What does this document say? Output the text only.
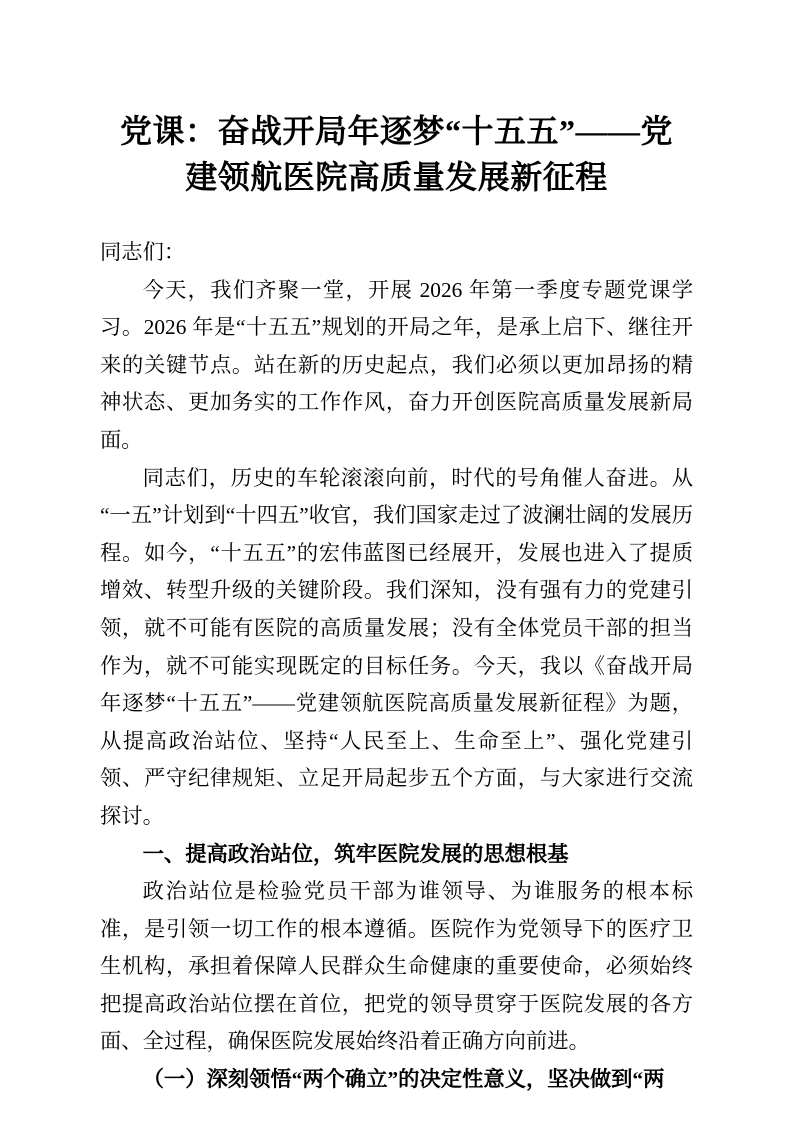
党课：奋战开局年逐梦“十五五”——党
建领航医院高质量发展新征程

同志们：

今天，我们齐聚一堂，开展 2026 年第一季度专题党课学习。2026 年是“十五五”规划的开局之年，是承上启下、继往开来的关键节点。站在新的历史起点，我们必须以更加昂扬的精神状态、更加务实的工作作风，奋力开创医院高质量发展新局面。

同志们，历史的车轮滚滚向前，时代的号角催人奋进。从“一五”计划到“十四五”收官，我们国家走过了波澜壮阔的发展历程。如今，“十五五”的宏伟蓝图已经展开，发展也进入了提质增效、转型升级的关键阶段。我们深知，没有强有力的党建引领，就不可能有医院的高质量发展；没有全体党员干部的担当作为，就不可能实现既定的目标任务。今天，我以《奋战开局年逐梦“十五五”——党建领航医院高质量发展新征程》为题，从提高政治站位、坚持“人民至上、生命至上”、强化党建引领、严守纪律规矩、立足开局起步五个方面，与大家进行交流探讨。

一、提高政治站位，筑牢医院发展的思想根基

政治站位是检验党员干部为谁领导、为谁服务的根本标准，是引领一切工作的根本遵循。医院作为党领导下的医疗卫生机构，承担着保障人民群众生命健康的重要使命，必须始终把提高政治站位摆在首位，把党的领导贯穿于医院发展的各方面、全过程，确保医院发展始终沿着正确方向前进。

（一）深刻领悟“两个确立”的决定性意义，坚决做到“两
